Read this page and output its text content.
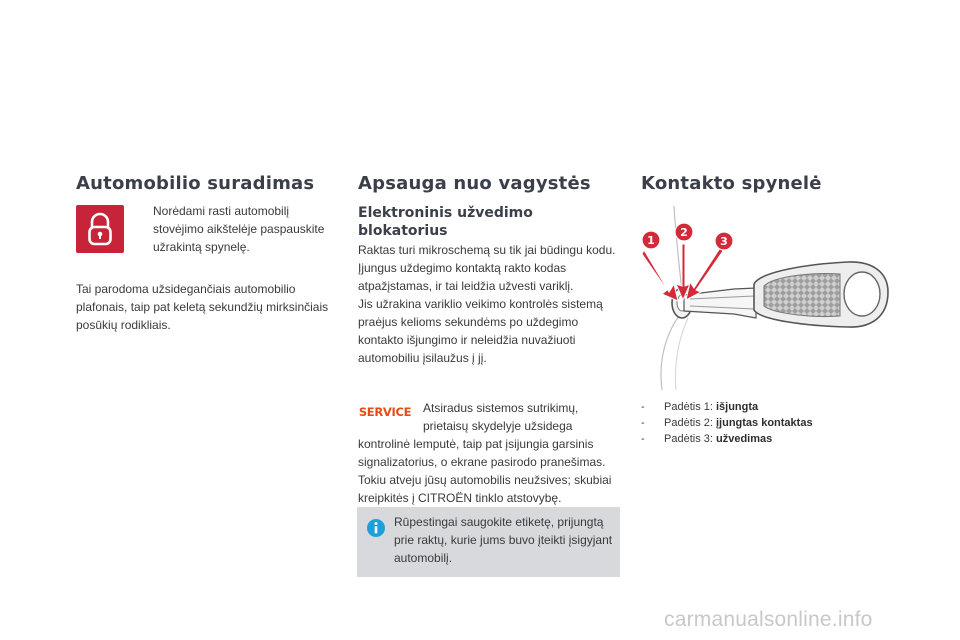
Automobilio suradimas
Norėdami rasti automobilį stovėjimo aikštelėje paspauskite užrakintą spynelę.
Tai parodoma užsidegančiais automobilio plafonais, taip pat keletą sekundžių mirksinčiais posūkių rodikliais.
Apsauga nuo vagystės
Elektroninis užvedimo blokatorius

Raktas turi mikroschemą su tik jai būdingu kodu. Įjungus uždegimo kontaktą rakto kodas atpažįstamas, ir tai leidžia užvesti variklį.

Jis užrakina variklio veikimo kontrolės sistemą praėjus kelioms sekundėms po uždegimo kontakto išjungimo ir neleidžia nuvažiuoti automobiliu įsilaužus į jį.

SERVICE Atsiradus sistemos sutrikimų, prietaisų skydelyje užsidega
kontrolinė lemputė, taip pat įsijungia garsinis signalizatorius, o ekrane pasirodo pranešimas. Tokiu atveju jūsų automobilis neužsives; skubiai kreipkitės į CITROËN tinklo atstovybę.
Rūpestingai saugokite etiketę, prijungtą prie raktų, kurie jums buvo įteikti įsigyjant automobilį.
Kontakto spynelė
1
2
3
- Padėtis 1: išjungta
- Padėtis 2: įjungtas kontaktas
- Padėtis 3: užvedimas
carmanualsonline.info
